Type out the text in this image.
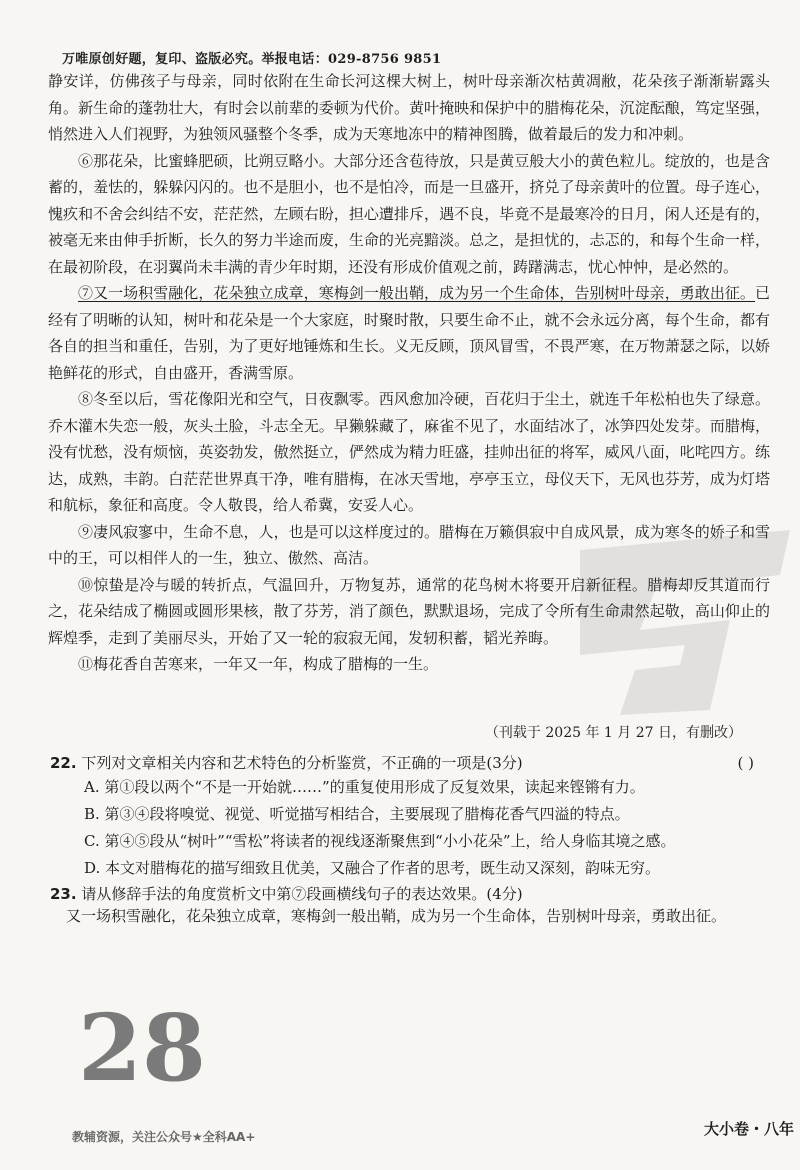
万唯原创好题，复印、盗版必究。举报电话：029-8756 9851

静安详，仿佛孩子与母亲，同时依附在生命长河这棵大树上，树叶母亲渐次枯黄凋敝，花朵孩子渐渐崭露头角。新生命的蓬勃壮大，有时会以前辈的委顿为代价。黄叶掩映和保护中的腊梅花朵，沉淀酝酿，笃定坚强，悄然进入人们视野，为独领风骚整个冬季，成为天寒地冻中的精神图腾，做着最后的发力和冲刺。

⑥那花朵，比蜜蜂肥硕，比朔豆略小。大部分还含苞待放，只是黄豆般大小的黄色粒儿。绽放的，也是含蓄的，羞怯的，躲躲闪闪的。也不是胆小，也不是怕冷，而是一旦盛开，挤兑了母亲黄叶的位置。母子连心，愧疚和不舍会纠结不安，茫茫然，左顾右盼，担心遭排斥，遇不良，毕竟不是最寒冷的日月，闲人还是有的，被毫无来由伸手折断，长久的努力半途而废，生命的光亮黯淡。总之，是担忧的，忐忑的，和每个生命一样，在最初阶段，在羽翼尚未丰满的青少年时期，还没有形成价值观之前，踌躇满志，忧心忡忡，是必然的。

⑦又一场积雪融化，花朵独立成章，寒梅剑一般出鞘，成为另一个生命体，告别树叶母亲，勇敢出征。已经有了明晰的认知，树叶和花朵是一个大家庭，时聚时散，只要生命不止，就不会永远分离，每个生命，都有各自的担当和重任，告别，为了更好地锤炼和生长。义无反顾，顶风冒雪，不畏严寒，在万物萧瑟之际，以娇艳鲜花的形式，自由盛开，香满雪原。

⑧冬至以后，雪花像阳光和空气，日夜飘零。西风愈加冷硬，百花归于尘土，就连千年松柏也失了绿意。乔木灌木失恋一般，灰头土脸，斗志全无。早獭躲藏了，麻雀不见了，水面结冰了，冰笋四处发芽。而腊梅，没有忧愁，没有烦恼，英姿勃发，傲然挺立，俨然成为精力旺盛，挂帅出征的将军，威风八面，叱咤四方。练达，成熟，丰韵。白茫茫世界真干净，唯有腊梅，在冰天雪地，亭亭玉立，母仪天下，无风也芬芳，成为灯塔和航标，象征和高度。令人敬畏，给人希冀，安妥人心。

⑨凄风寂寥中，生命不息，人，也是可以这样度过的。腊梅在万籁俱寂中自成风景，成为寒冬的娇子和雪中的王，可以相伴人的一生，独立、傲然、高洁。

⑩惊蛰是冷与暖的转折点，气温回升，万物复苏，通常的花鸟树木将要开启新征程。腊梅却反其道而行之，花朵结成了椭圆或圆形果核，散了芬芳，消了颜色，默默退场，完成了令所有生命肃然起敬，高山仰止的辉煌季，走到了美丽尽头，开始了又一轮的寂寂无闻，发轫积蓄，韬光养晦。

⑪梅花香自苦寒来，一年又一年，构成了腊梅的一生。

（刊载于 2025 年 1 月 27 日，有删改）
22. 下列对文章相关内容和艺术特色的分析鉴赏，不正确的一项是(3分)	( )
A. 第①段以两个“不是一开始就……”的重复使用形成了反复效果，读起来铿锵有力。
B. 第③④段将嗅觉、视觉、听觉描写相结合，主要展现了腊梅花香气四溢的特点。
C. 第④⑤段从“树叶”“雪松”将读者的视线逐渐聚焦到“小小花朵”上，给人身临其境之感。
D. 本文对腊梅花的描写细致且优美，又融合了作者的思考，既生动又深刻，韵味无穷。
23. 请从修辞手法的角度赏析文中第⑦段画横线句子的表达效果。(4分)
又一场积雪融化，花朵独立成章，寒梅剑一般出鞘，成为另一个生命体，告别树叶母亲，勇敢出征。
28
教辅资源，关注公众号★全科AA+	大小卷・八年
